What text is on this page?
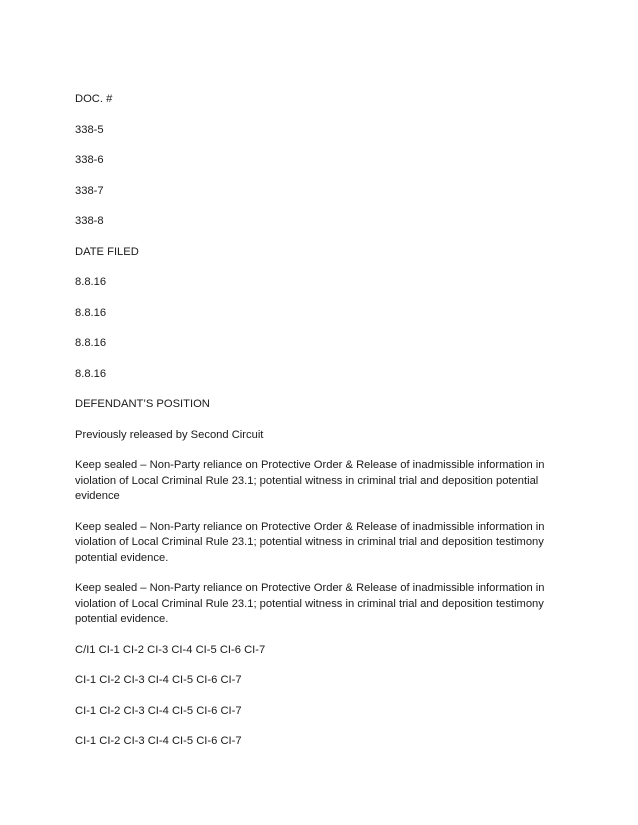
DOC. #

338-5

338-6

338-7

338-8

DATE FILED

8.8.16

8.8.16

8.8.16

8.8.16

DEFENDANT’S POSITION

Previously released by Second Circuit

Keep sealed – Non-Party reliance on Protective Order & Release of inadmissible information in violation of Local Criminal Rule 23.1; potential witness in criminal trial and deposition potential evidence

Keep sealed – Non-Party reliance on Protective Order & Release of inadmissible information in violation of Local Criminal Rule 23.1; potential witness in criminal trial and deposition testimony potential evidence.

Keep sealed – Non-Party reliance on Protective Order & Release of inadmissible information in violation of Local Criminal Rule 23.1; potential witness in criminal trial and deposition testimony potential evidence.

C/I1 CI-1 CI-2 CI-3 CI-4 CI-5 CI-6 CI-7

CI-1 CI-2 CI-3 CI-4 CI-5 CI-6 CI-7

CI-1 CI-2 CI-3 CI-4 CI-5 CI-6 CI-7

CI-1 CI-2 CI-3 CI-4 CI-5 CI-6 CI-7
